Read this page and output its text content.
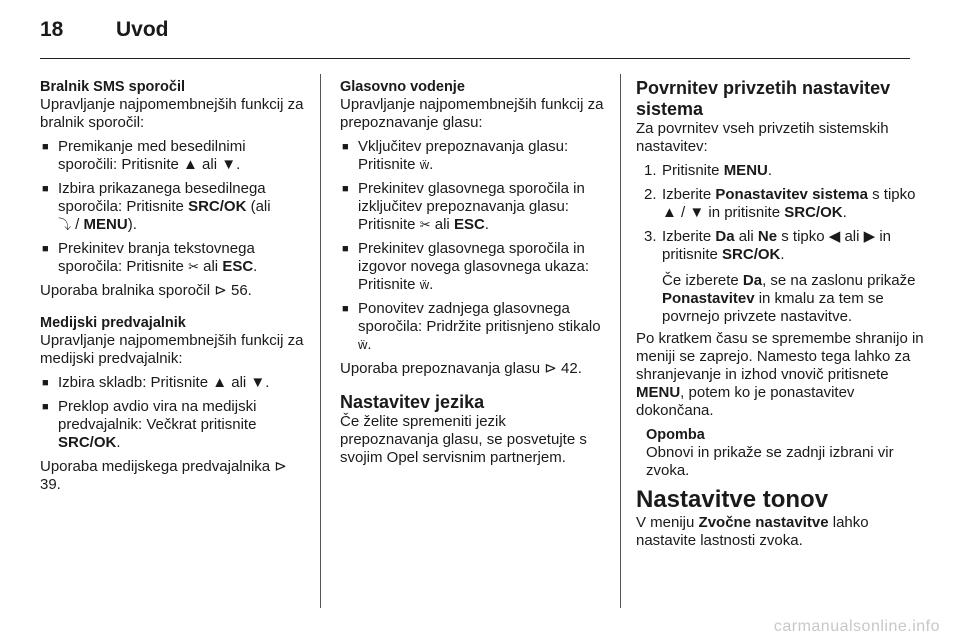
18	Uvod

Bralnik SMS sporočil

Upravljanje najpomembnejših funkcij za bralnik sporočil:

■ Premikanje med besedilnimi sporočili: Pritisnite ▲ ali ▼.
■ Izbira prikazanega besedilnega sporočila: Pritisnite SRC/OK (ali
⤵ / MENU).
■ Prekinitev branja tekstovnega sporočila: Pritisnite ✂ ali ESC.

Uporaba bralnika sporočil ⊳ 56.

Medijski predvajalnik

Upravljanje najpomembnejših funkcij za medijski predvajalnik:

■ Izbira skladb: Pritisnite ▲ ali ▼.
■ Preklop avdio vira na medijski predvajalnik: Večkrat pritisnite SRC/OK.

Uporaba medijskega predvajalnika ⊳ 39.

Glasovno vodenje

Upravljanje najpomembnejših funkcij za prepoznavanje glasu:

■ Vključitev prepoznavanja glasu: Pritisnite ẅ.
■ Prekinitev glasovnega sporočila in izključitev prepoznavanja glasu: Pritisnite ✂ ali ESC.
■ Prekinitev glasovnega sporočila in izgovor novega glasovnega ukaza: Pritisnite ẅ.
■ Ponovitev zadnjega glasovnega sporočila: Pridržite pritisnjeno stikalo ẅ.

Uporaba prepoznavanja glasu ⊳ 42.

Nastavitev jezika

Če želite spremeniti jezik prepoznavanja glasu, se posvetujte s svojim Opel servisnim partnerjem.

Povrnitev privzetih nastavitev sistema

Za povrnitev vseh privzetih sistemskih nastavitev:

1. Pritisnite MENU.
2. Izberite Ponastavitev sistema s tipko ▲ / ▼ in pritisnite SRC/OK.
3. Izberite Da ali Ne s tipko ◀ ali ▶ in pritisnite SRC/OK.

Če izberete Da, se na zaslonu prikaže Ponastavitev in kmalu za tem se povrnejo privzete nastavitve.

Po kratkem času se spremembe shranijo in meniji se zaprejo. Namesto tega lahko za shranjevanje in izhod vnovič pritisnete MENU, potem ko je ponastavitev dokončana.

Opomba

Obnovi in prikaže se zadnji izbrani vir zvoka.

Nastavitve tonov

V meniju Zvočne nastavitve lahko nastavite lastnosti zvoka.

carmanualsonline.info
